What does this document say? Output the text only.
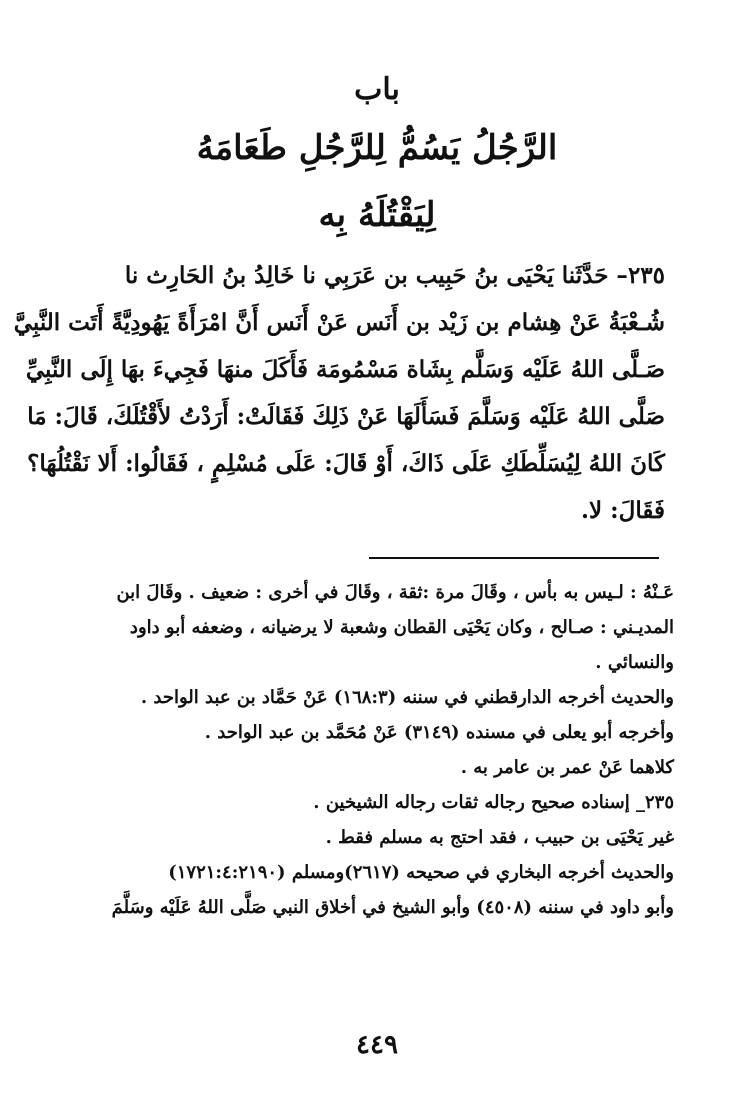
باب
الرَّجُلُ يَسُمُّ لِلرَّجُلِ طَعَامَهُ
لِيَقْتُلَهُ بِه
٢٣٥– حَدَّثَنا يَحْيَى بنُ حَبِيب بن عَرَبِي نا خَالِدُ بنُ الحَارِث نا
شُـعْبَةُ عَنْ هِشام بن زَيْد بن أَنَس عَنْ أَنَس أَنَّ امْرَأَةً يَهُودِيَّةً أَتَت النَّبِيَّ
صَـلَّى اللهُ عَلَيْه وَسَلَّم بِشَاة مَسْمُومَة فَأَكَلَ منهَا فَجِيءَ بهَا إِلَى النَّبِيِّ
صَلَّى اللهُ عَلَيْه وَسَلَّمَ فَسَأَلَهَا عَنْ ذَلِكَ فَقَالَتْ: أَرَدْتُ لأَقْتُلَكَ، قَالَ: مَا
كَانَ اللهُ لِيُسَلِّطَكِ عَلَى ذَاكَ، أَوْ قَالَ: عَلَى مُسْلِمٍ ، فَقَالُوا: أَلا نَقْتُلُهَا؟
فَقَالَ: لا.
عَـنْهُ : لـيس به بأس ، وقَالَ مرة :ثقة ، وقَالَ في أخرى : ضعيف . وقَالَ ابن
المديـني : صـالح ، وكان يَحْيَى القطان وشعبة لا يرضيانه ، وضعفه أبو داود
والنسائي .
والحديث أخرجه الدارقطني في سننه (١٦٨:٣) عَنْ حَمَّاد بن عبد الواحد .
وأخرجه أبو يعلى في مسنده (٣١٤٩) عَنْ مُحَمَّد بن عبد الواحد .
كلاهما عَنْ عمر بن عامر به .
٢٣٥_ إسناده صحيح رجاله ثقات رجاله الشيخين .
غير يَحْيَى بن حبيب ، فقد احتج به مسلم فقط .
والحديث أخرجه البخاري في صحيحه (٢٦١٧)ومسلم (١٧٢١:٤:٢١٩٠)
وأبو داود في سننه (٤٥٠٨) وأبو الشيخ في أخلاق النبي صَلَّى اللهُ عَلَيْه وسَلَّمَ
٤٤٩
